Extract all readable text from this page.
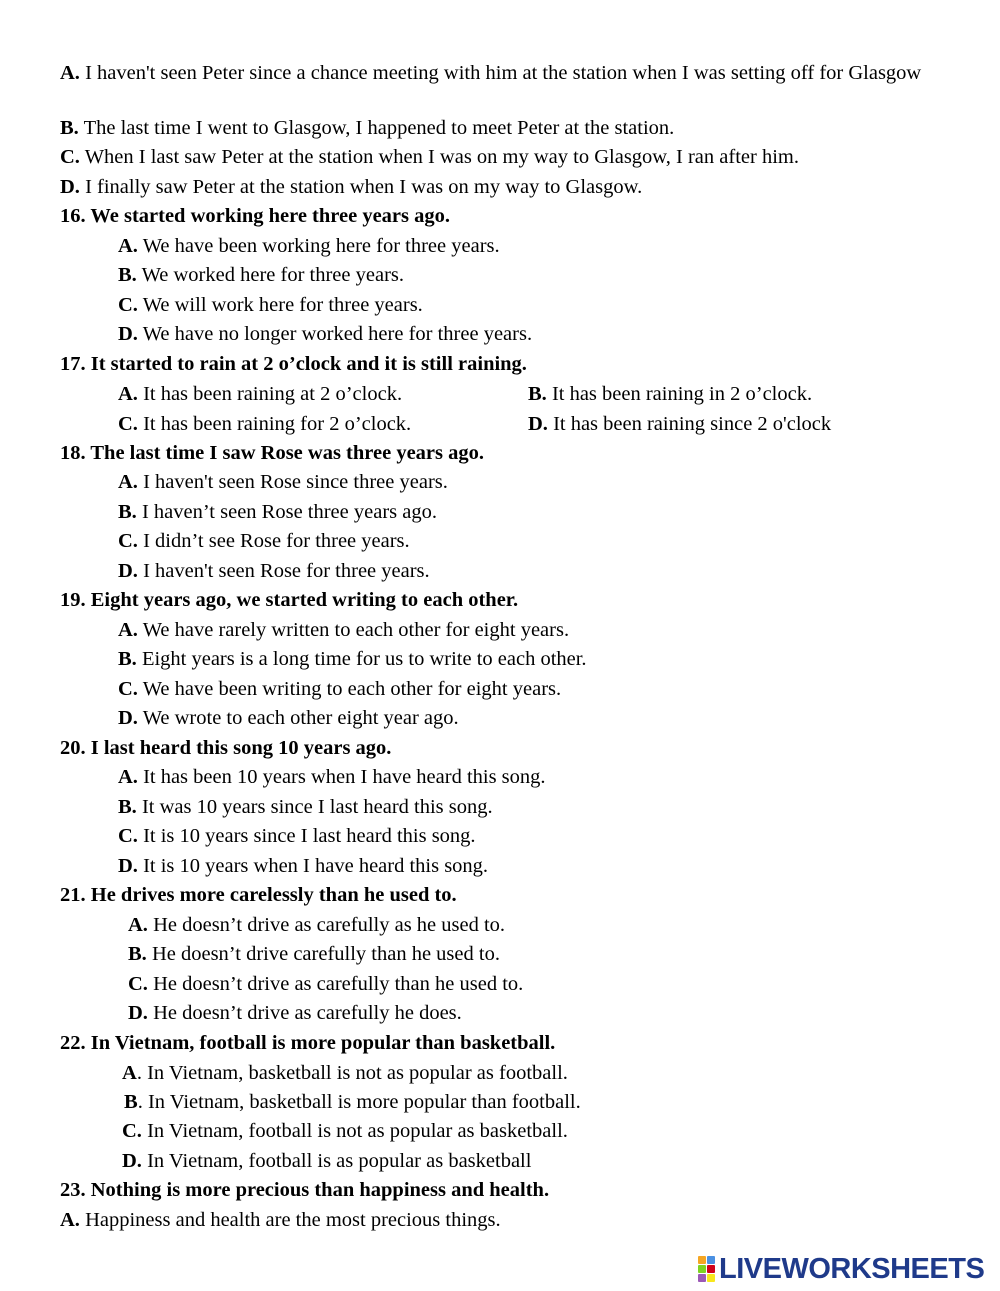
A. I haven't seen Peter since a chance meeting with him at the station when I was setting off for Glasgow
B. The last time I went to Glasgow, I happened to meet Peter at the station.
C. When I last saw Peter at the station when I was on my way to Glasgow, I ran after him.
D. I finally saw Peter at the station when I was on my way to Glasgow.
16. We started working here three years ago.
A. We have been working here for three years.
B. We worked here for three years.
C. We will work here for three years.
D. We have no longer worked here for three years.
17. It started to rain at 2 o’clock and it is still raining.
A. It has been raining at 2 o’clock.	B. It has been raining in 2 o’clock.
C. It has been raining for 2 o’clock.	D. It has been raining since 2 o'clock
18. The last time I saw Rose was three years ago.
A. I haven't seen Rose since three years.
B. I haven’t seen Rose three years ago.
C. I didn’t see Rose for three years.
D. I haven't seen Rose for three years.
19. Eight years ago, we started writing to each other.
A. We have rarely written to each other for eight years.
B. Eight years is a long time for us to write to each other.
C. We have been writing to each other for eight years.
D. We wrote to each other eight year ago.
20. I last heard this song 10 years ago.
A. It has been 10 years when I have heard this song.
B. It was 10 years since I last heard this song.
C. It is 10 years since I last heard this song.
D. It is 10 years when I have heard this song.
21. He drives more carelessly than he used to.
A. He doesn’t drive as carefully as he used to.
B. He doesn’t drive carefully than he used to.
C. He doesn’t drive as carefully than he used to.
D. He doesn’t drive as carefully he does.
22. In Vietnam, football is more popular than basketball.
A. In Vietnam, basketball is not as popular as football.
B. In Vietnam, basketball is more popular than football.
C. In Vietnam, football is not as popular as basketball.
D. In Vietnam, football is as popular as basketball
23. Nothing is more precious than happiness and health.
A. Happiness and health are the most precious things.
LIVEWORKSHEETS
